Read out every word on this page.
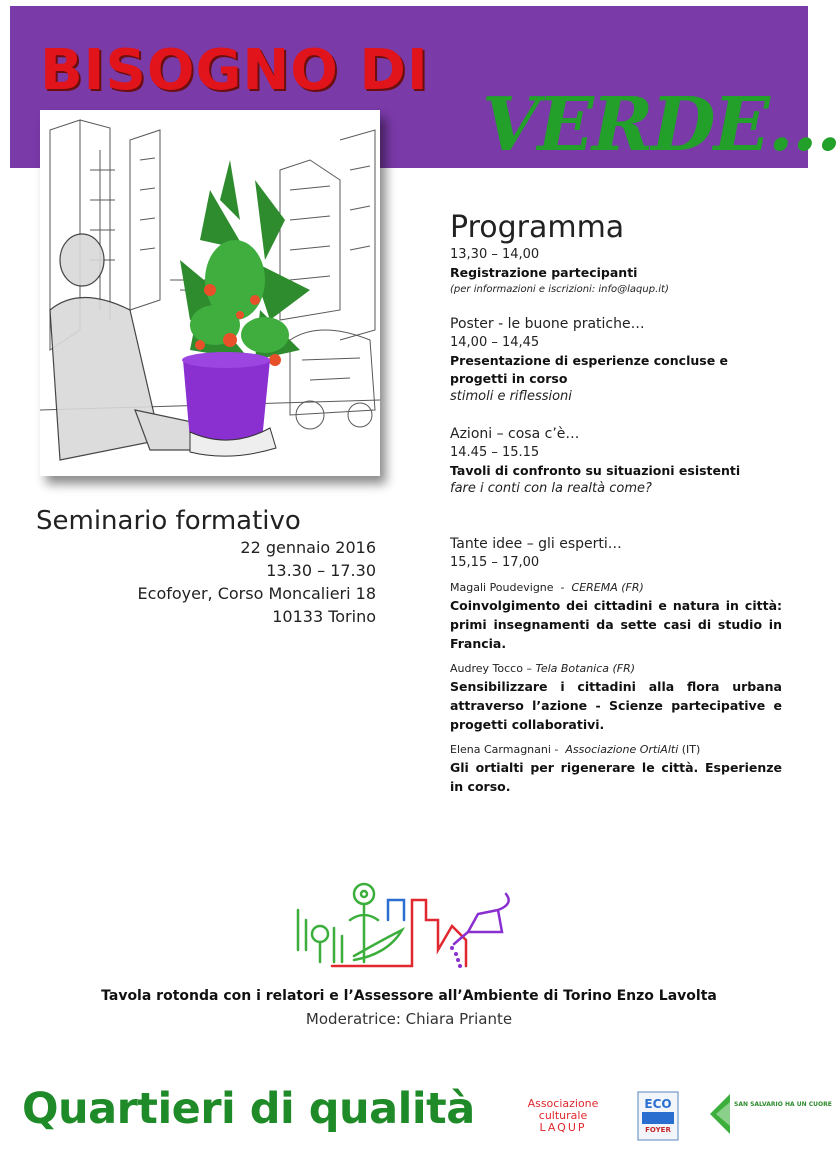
BISOGNO DI
VERDE…
Seminario formativo
22 gennaio 2016
13.30 – 17.30
Ecofoyer, Corso Moncalieri 18
10133 Torino
Programma
13,30 – 14,00
Registrazione partecipanti
(per informazioni e iscrizioni: info@laqup.it)
Poster - le buone pratiche…
14,00 – 14,45
Presentazione di esperienze concluse e progetti in corso
stimoli e riflessioni
Azioni – cosa c’è…
14.45 – 15.15
Tavoli di confronto su situazioni esistenti
fare i conti con la realtà come?
Tante idee – gli esperti…
15,15 – 17,00
Magali Poudevigne  -  CEREMA (FR)
Coinvolgimento dei cittadini e natura in città: primi insegnamenti da sette casi di studio in Francia.
Audrey Tocco – Tela Botanica (FR)
Sensibilizzare i cittadini alla flora urbana attraverso l’azione - Scienze partecipative e progetti collaborativi.
Elena Carmagnani -  Associazione OrtiAlti (IT)
Gli ortialti per rigenerare le città. Esperienze in corso.
Tavola rotonda con i relatori e l’Assessore all’Ambiente di Torino Enzo Lavolta
Moderatrice: Chiara Priante
Quartieri di qualità	Associazione
culturale
LAQUP
ECO
FOYER
SAN SALVARIO HA UN CUORE
